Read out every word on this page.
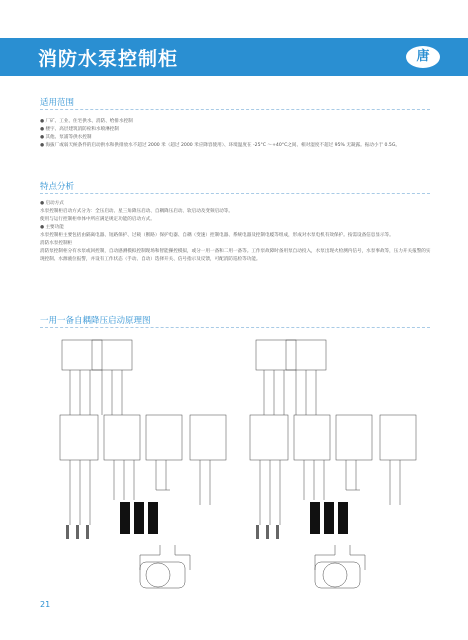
消防水泵控制柜	唐
适用范围

● 厂矿、工业、住宅供水、消防、给排水控制

● 楼宇、高层建筑消防栓和水喷淋控制

● 其他、泵浦等供水控制

● 海拔厂或弱天候条件的启动供水和供排放水不超过 2000 米（超过 2000 米应降容使用）、环境温度在 -25°C ～+40°C之间、相对湿度不超过 95% 无凝露。振动小于 0.5G。

特点分析

● 启动方式

水泵控制柜启动方式分为：全压启动、星三角降压启动、自耦降压启动、软启动及变频启动等。

使用与运行控制柜单体中所应满足规定功能的启动方式。

● 主要功能

水泵控制柜主要包括由隔离电器、短路保护、过载（断路）保护电器、自耦（变速）控制电器、系统电器及控制电缆等组成，形成对水泵电机有效保护。按需设备信息显示等。

消防水泵控制柜

消防泵控制柜分有水泵或回控制，自动感测模拟控制现场和智能操控模拟，或分一用一备和二用一备等。工作泵故障时备用泵自动投入，水泵出现火检测内信号，水泵事故等，压力开关报警的实现控制、水源液位报警，并设有工作状态（手动、自动）选择开关、信号指示及反馈，可配消防巡检等功能。

一用一备自耦降压启动原理图
21
